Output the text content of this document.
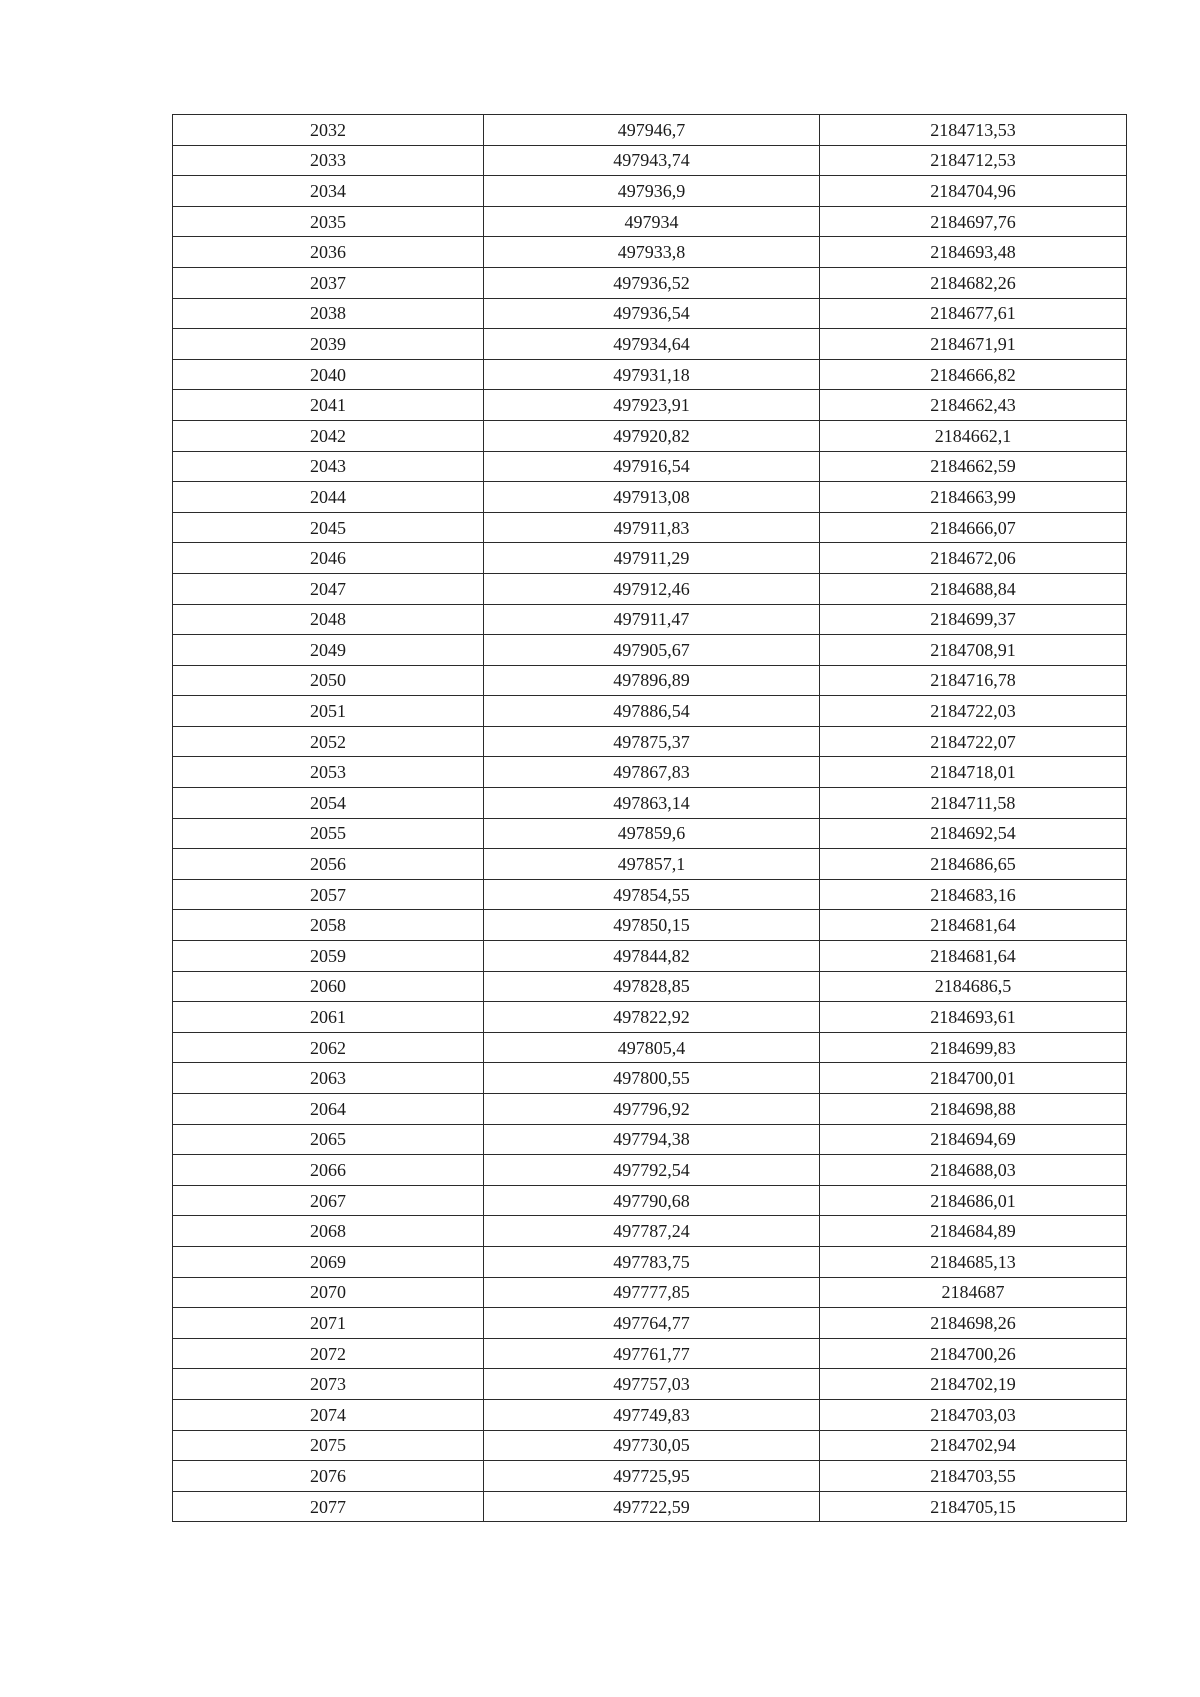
2032	497946,7	2184713,53
2033	497943,74	2184712,53
2034	497936,9	2184704,96
2035	497934	2184697,76
2036	497933,8	2184693,48
2037	497936,52	2184682,26
2038	497936,54	2184677,61
2039	497934,64	2184671,91
2040	497931,18	2184666,82
2041	497923,91	2184662,43
2042	497920,82	2184662,1
2043	497916,54	2184662,59
2044	497913,08	2184663,99
2045	497911,83	2184666,07
2046	497911,29	2184672,06
2047	497912,46	2184688,84
2048	497911,47	2184699,37
2049	497905,67	2184708,91
2050	497896,89	2184716,78
2051	497886,54	2184722,03
2052	497875,37	2184722,07
2053	497867,83	2184718,01
2054	497863,14	2184711,58
2055	497859,6	2184692,54
2056	497857,1	2184686,65
2057	497854,55	2184683,16
2058	497850,15	2184681,64
2059	497844,82	2184681,64
2060	497828,85	2184686,5
2061	497822,92	2184693,61
2062	497805,4	2184699,83
2063	497800,55	2184700,01
2064	497796,92	2184698,88
2065	497794,38	2184694,69
2066	497792,54	2184688,03
2067	497790,68	2184686,01
2068	497787,24	2184684,89
2069	497783,75	2184685,13
2070	497777,85	2184687
2071	497764,77	2184698,26
2072	497761,77	2184700,26
2073	497757,03	2184702,19
2074	497749,83	2184703,03
2075	497730,05	2184702,94
2076	497725,95	2184703,55
2077	497722,59	2184705,15
